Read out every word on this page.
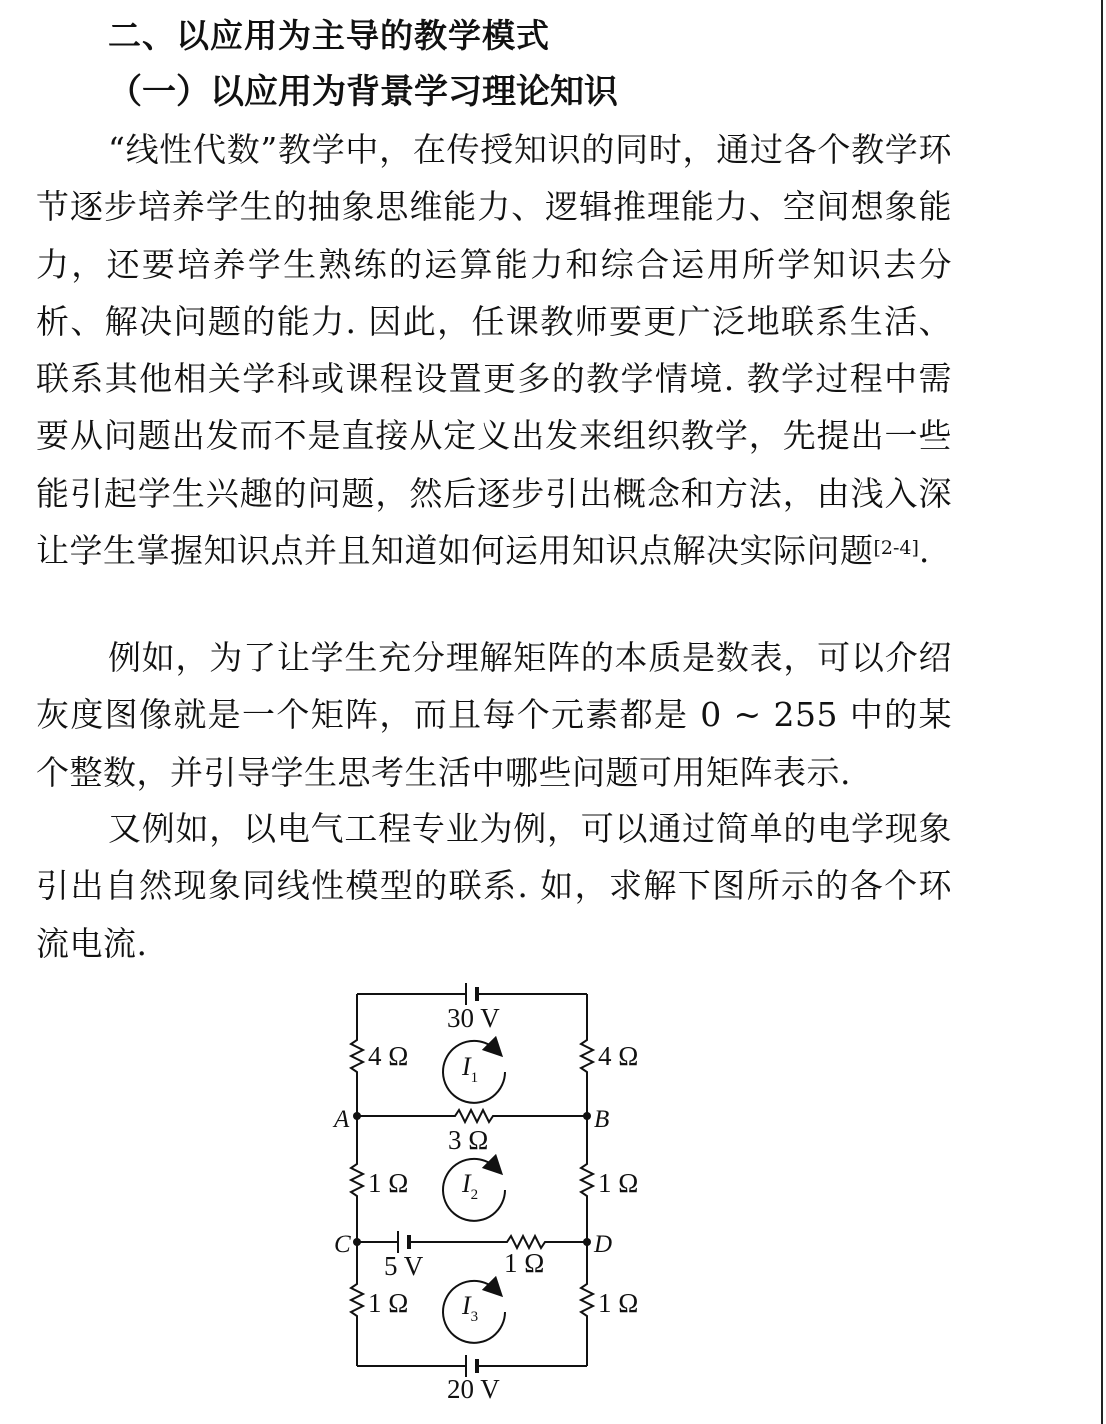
二、以应用为主导的教学模式
（一）以应用为背景学习理论知识
“线性代数”教学中，在传授知识的同时，通过各个教学环节逐步培养学生的抽象思维能力、逻辑推理能力、空间想象能力，还要培养学生熟练的运算能力和综合运用所学知识去分析、解决问题的能力. 因此，任课教师要更广泛地联系生活、联系其他相关学科或课程设置更多的教学情境. 教学过程中需要从问题出发而不是直接从定义出发来组织教学，先提出一些能引起学生兴趣的问题，然后逐步引出概念和方法，由浅入深让学生掌握知识点并且知道如何运用知识点解决实际问题[2-4].
例如，为了让学生充分理解矩阵的本质是数表，可以介绍灰度图像就是一个矩阵，而且每个元素都是 0 ~ 255 中的某个整数，并引导学生思考生活中哪些问题可用矩阵表示.
又例如，以电气工程专业为例，可以通过简单的电学现象引出自然现象同线性模型的联系. 如，求解下图所示的各个环流电流.
30 V
4 Ω	4 Ω
$I_1$
A	B
3 Ω
1 Ω	1 Ω
$I_2$
C	D
5 V	1 Ω
1 Ω	1 Ω
$I_3$
20 V
